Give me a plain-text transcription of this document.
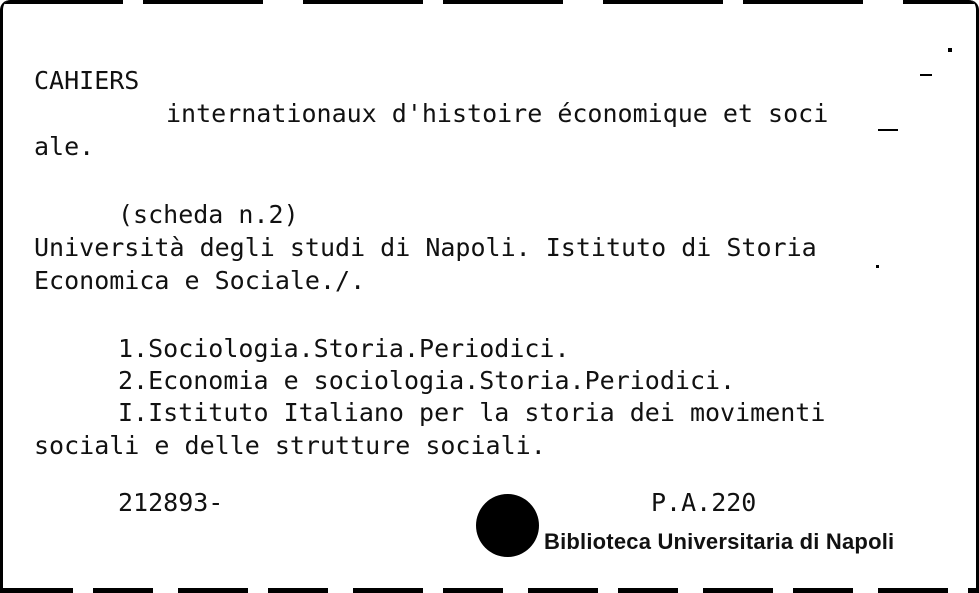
CAHIERS
internationaux d'histoire économique et soci
ale.
(scheda n.2)
Università degli studi di Napoli. Istituto di Storia
Economica e Sociale./.
1.Sociologia.Storia.Periodici.
2.Economia e sociologia.Storia.Periodici.
I.Istituto Italiano per la storia dei movimenti
sociali e delle strutture sociali.
212893-	P.A.220
Biblioteca Universitaria di Napoli
